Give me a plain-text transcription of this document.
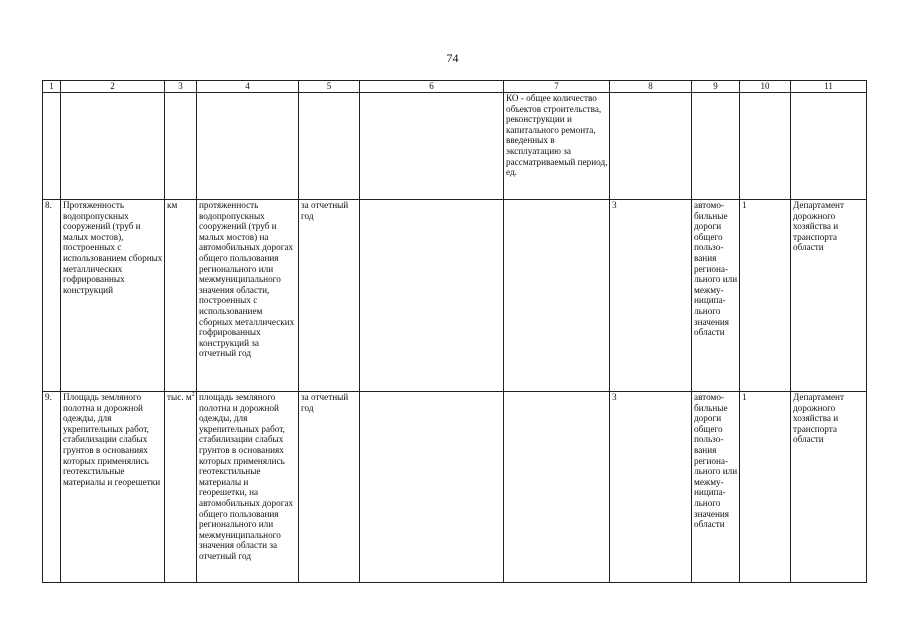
74
1	2	3	4	5	6	7	8	9	10	11
						КО - общее количество объектов строительства, реконструкции и капитального ремонта, введенных в эксплуатацию за рассматриваемый период, ед.				
8.	Протяженность водопропускных сооружений (труб и малых мостов), построенных с использованием сборных металлических гофрированных конструкций	км	протяженность водопропускных сооружений (труб и малых мостов) на автомобильных дорогах общего пользования регионального или межмуниципального значения области, построенных с использованием сборных металлических гофрированных конструкций за отчетный год	за отчетный год			3	автомо-бильные дороги общего пользо-вания региона-льного или межму-ниципа-льного значения области	1	Департамент дорожного хозяйства и транспорта области
9.	Площадь земляного полотна и дорожной одежды, для укрепительных работ, стабилизации слабых грунтов в основаниях которых применялись геотекстильные материалы и георешетки	тыс. $м^2$	площадь земляного полотна и дорожной одежды, для укрепительных работ, стабилизации слабых грунтов в основаниях которых применялись геотекстильные материалы и георешетки, на автомобильных дорогах общего пользования регионального или межмуниципального значения области за отчетный год	за отчетный год			3	автомо-бильные дороги общего пользо-вания региона-льного или межму-ниципа-льного значения области	1	Департамент дорожного хозяйства и транспорта области
